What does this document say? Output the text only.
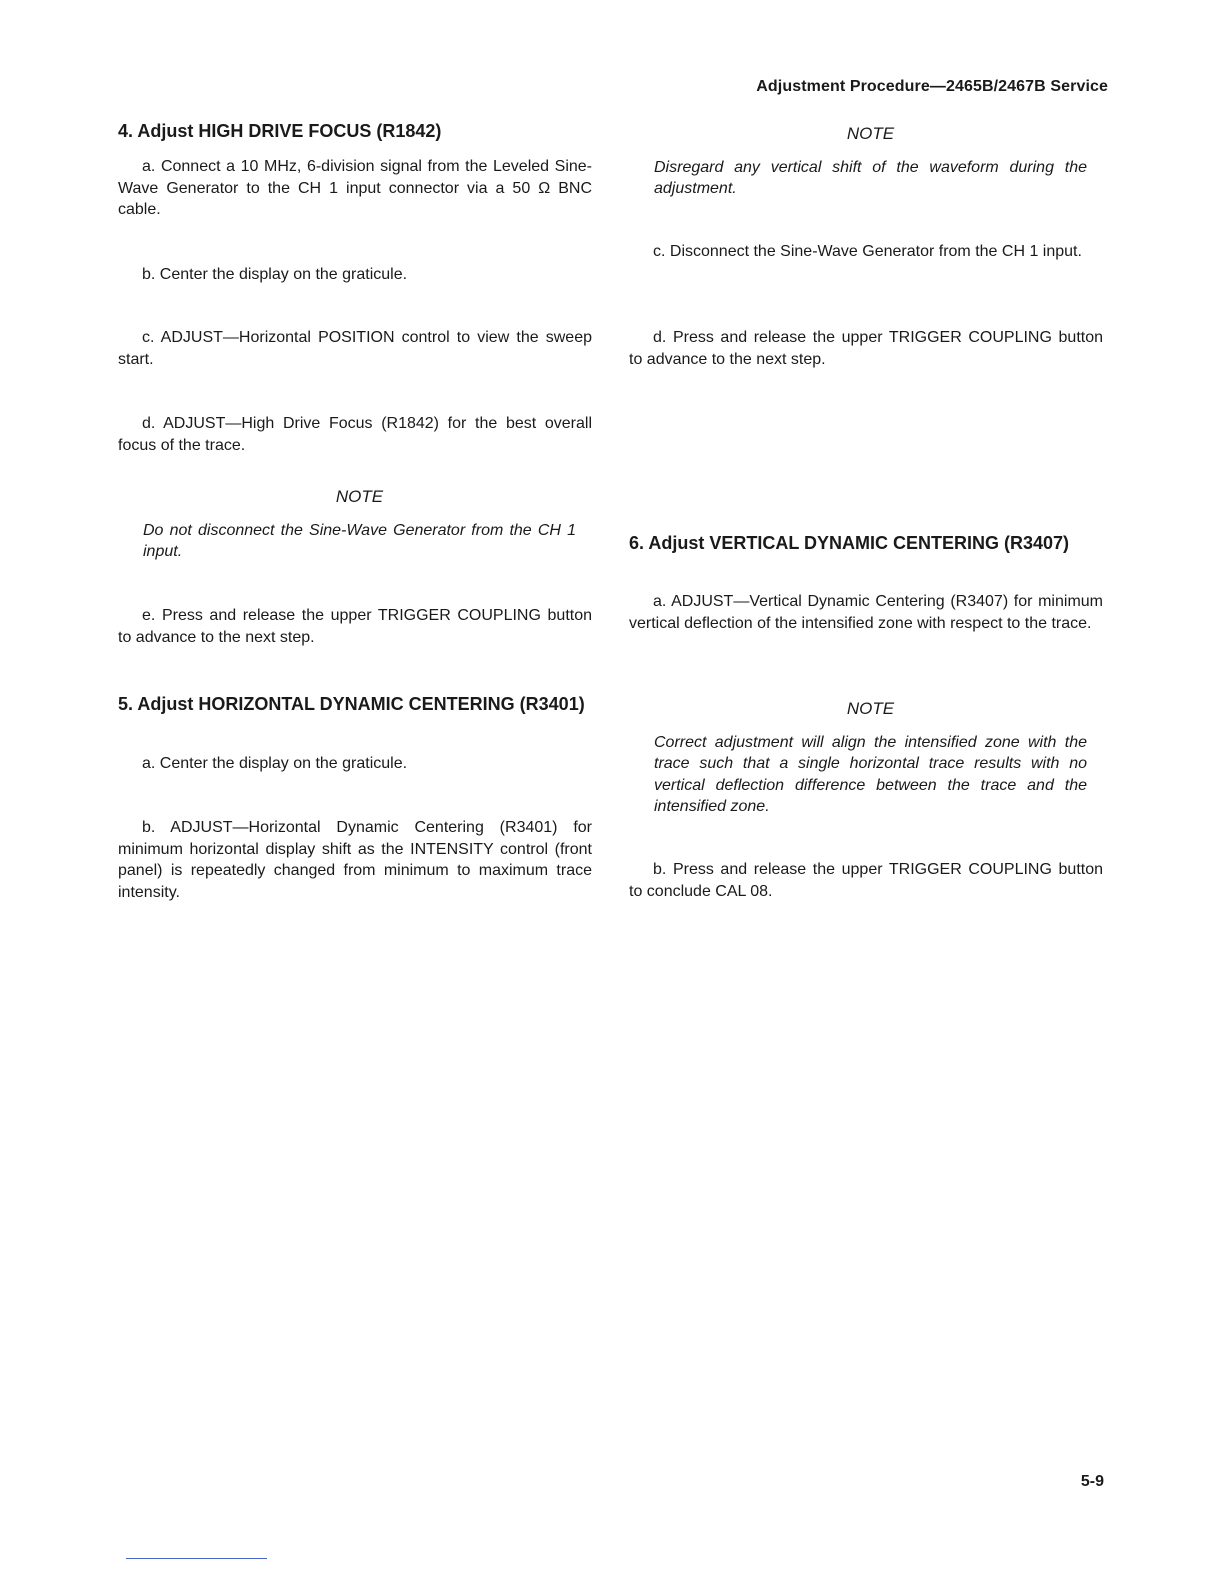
Adjustment Procedure—2465B/2467B Service
4. Adjust HIGH DRIVE FOCUS (R1842)

a. Connect a 10 MHz, 6-division signal from the Leveled Sine-Wave Generator to the CH 1 input connector via a 50 Ω BNC cable.

b. Center the display on the graticule.

c. ADJUST—Horizontal POSITION control to view the sweep start.

d. ADJUST—High Drive Focus (R1842) for the best overall focus of the trace.

NOTE

Do not disconnect the Sine-Wave Generator from the CH 1 input.

e. Press and release the upper TRIGGER COUPLING button to advance to the next step.

5. Adjust HORIZONTAL DYNAMIC CENTERING (R3401)

a. Center the display on the graticule.

b. ADJUST—Horizontal Dynamic Centering (R3401) for minimum horizontal display shift as the INTENSITY control (front panel) is repeatedly changed from minimum to maximum trace intensity.

NOTE

Disregard any vertical shift of the waveform during the adjustment.

c. Disconnect the Sine-Wave Generator from the CH 1 input.

d. Press and release the upper TRIGGER COUPLING button to advance to the next step.

6. Adjust VERTICAL DYNAMIC CENTERING (R3407)

a. ADJUST—Vertical Dynamic Centering (R3407) for minimum vertical deflection of the intensified zone with respect to the trace.

NOTE

Correct adjustment will align the intensified zone with the trace such that a single horizontal trace results with no vertical deflection difference between the trace and the intensified zone.

b. Press and release the upper TRIGGER COUPLING button to conclude CAL 08.

5-9
